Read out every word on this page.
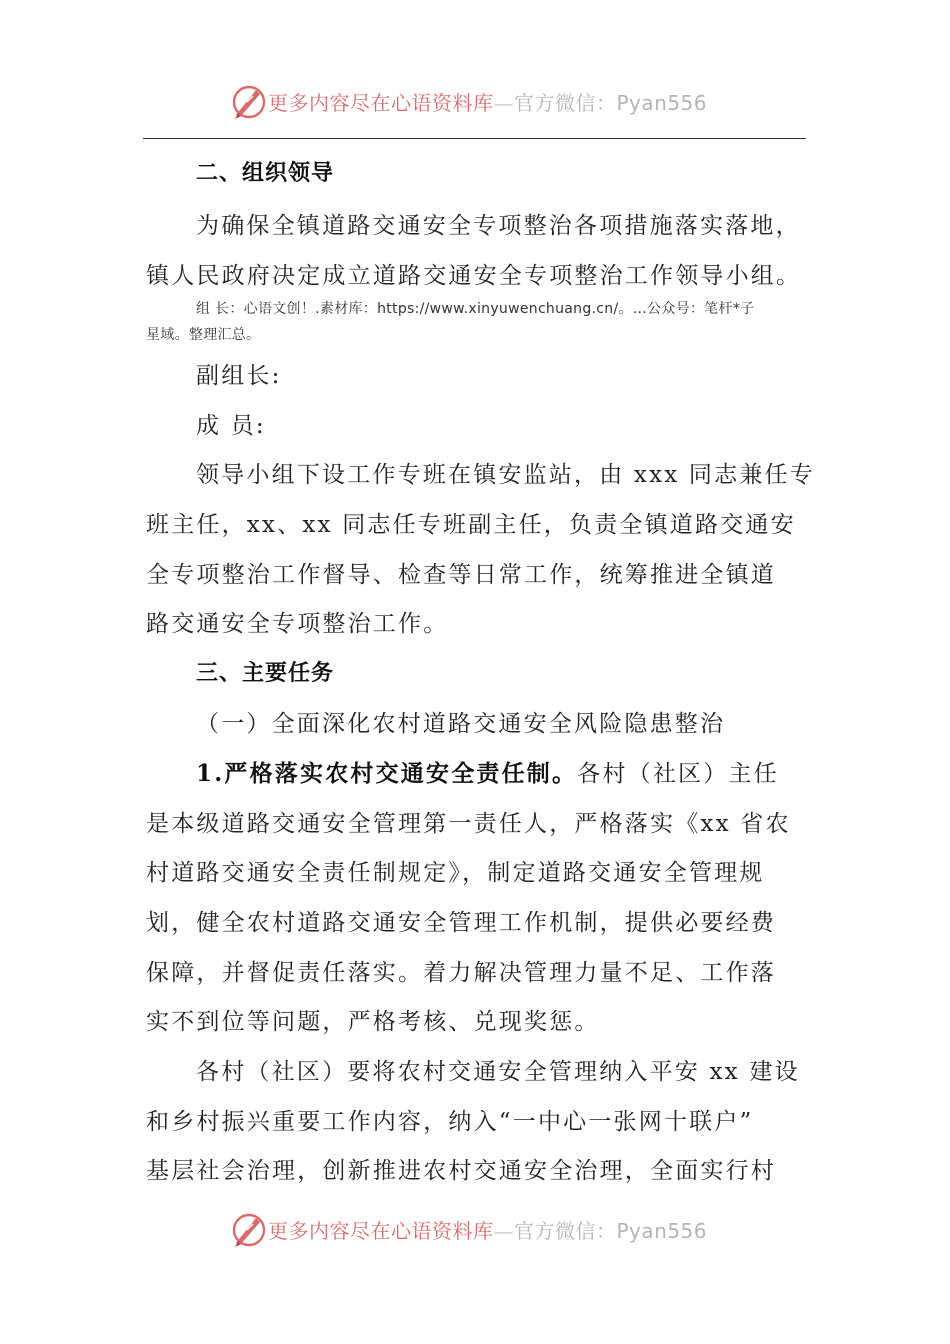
更多内容尽在心语资料库—官方微信：Pyan556
二、组织领导
为确保全镇道路交通安全专项整治各项措施落实落地，
镇人民政府决定成立道路交通安全专项整治工作领导小组。
组 长：心语文创！.素材库：https://www.xinyuwenchuang.cn/。…公众号：笔杆*子
星域。整理汇总。
副组长:
成 员:
领导小组下设工作专班在镇安监站，由 xxx 同志兼任专
班主任，xx、xx 同志任专班副主任，负责全镇道路交通安
全专项整治工作督导、检查等日常工作，统筹推进全镇道
路交通安全专项整治工作。
三、主要任务
（一）全面深化农村道路交通安全风险隐患整治
1.严格落实农村交通安全责任制。各村（社区）主任
是本级道路交通安全管理第一责任人，严格落实《xx 省农
村道路交通安全责任制规定》，制定道路交通安全管理规
划，健全农村道路交通安全管理工作机制，提供必要经费
保障，并督促责任落实。着力解决管理力量不足、工作落
实不到位等问题，严格考核、兑现奖惩。
各村（社区）要将农村交通安全管理纳入平安 xx 建设
和乡村振兴重要工作内容，纳入“一中心一张网十联户”
基层社会治理，创新推进农村交通安全治理，全面实行村
更多内容尽在心语资料库—官方微信：Pyan556
